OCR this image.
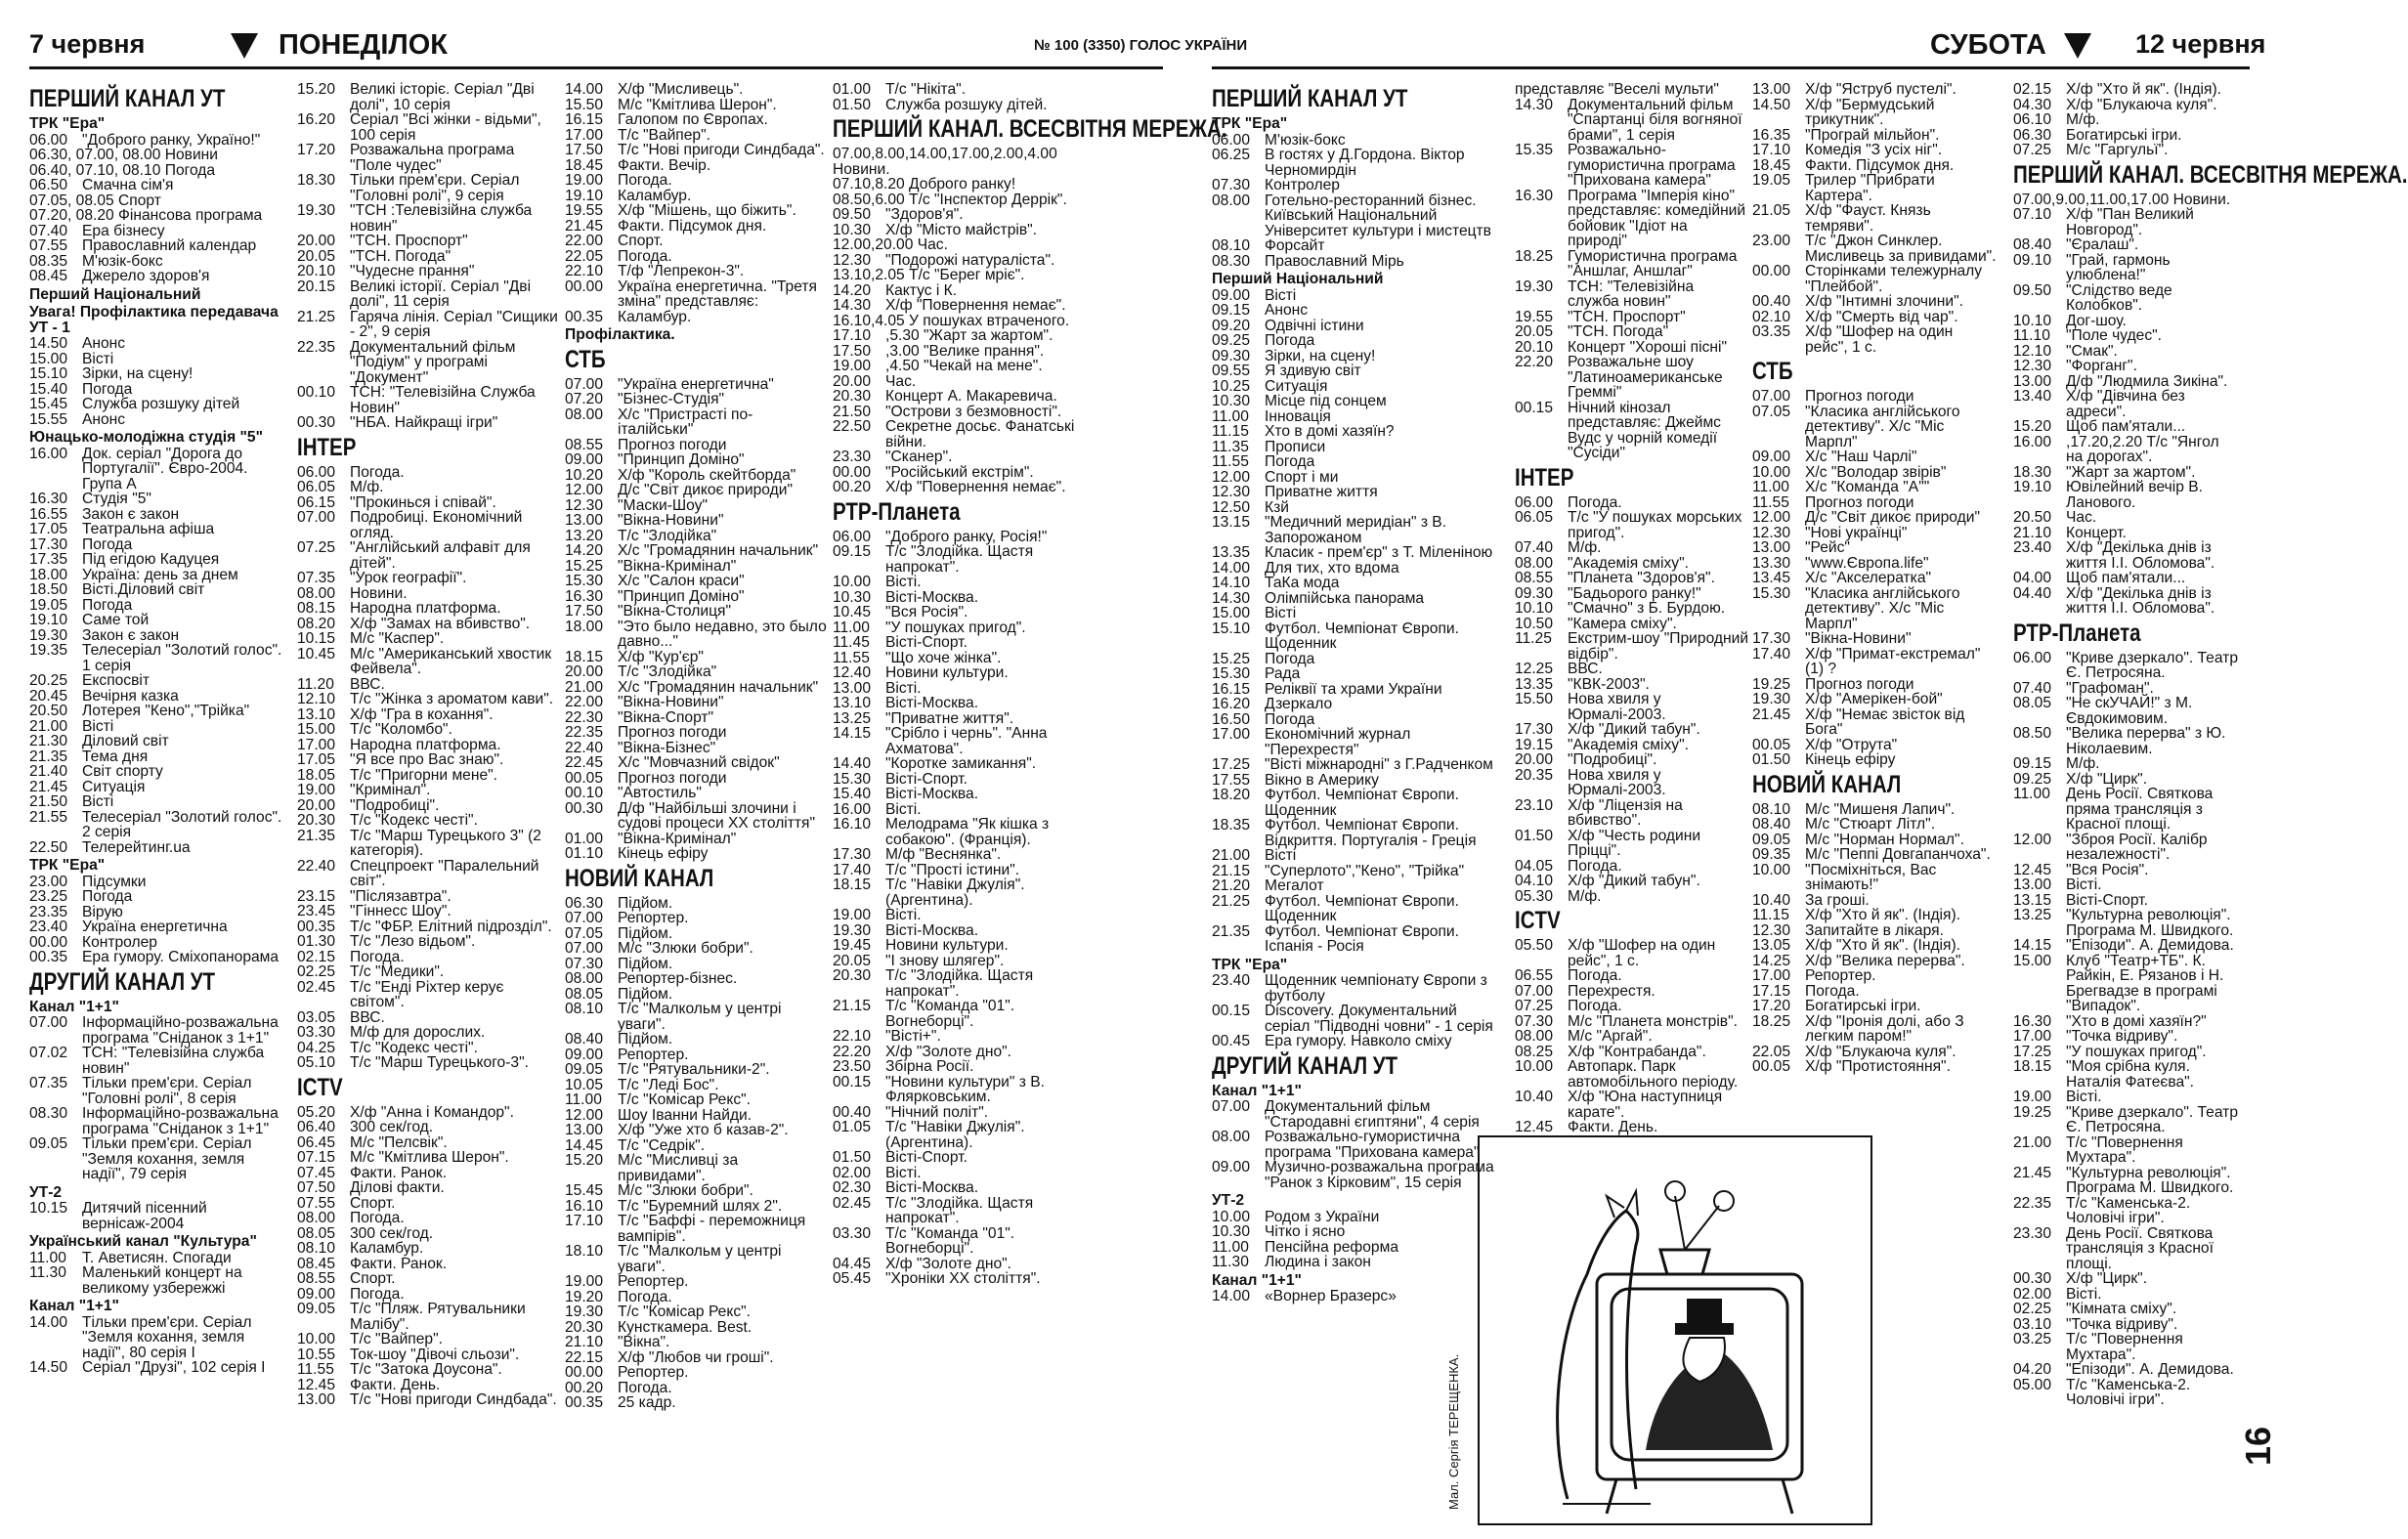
7 червня	ПОНЕДІЛОК	№ 100 (3350) ГОЛОС УКРАЇНИ	СУБОТА	12 червня
ПЕРШИЙ КАНАЛ УТ
ТРК "Ера"
06.00 "Доброго ранку, Україно!"
06.30, 07.00, 08.00 Новини
06.40, 07.10, 08.10 Погода
06.50 Смачна сім'я
07.05, 08.05 Спорт
07.20, 08.20 Фінансова програма
07.40 Ера бізнесу
07.55 Православний календар
08.35 М'юзік-бокс
08.45 Джерело здоров'я
Перший Національний
Увага! Профілактика передавача УТ - 1
14.50 Анонс
15.00 Вісті
15.10 Зірки, на сцену!
15.40 Погода
15.45 Служба розшуку дітей
15.55 Анонс
Юнацько-молодіжна студія "5"
16.00 Док. серіал "Дорога до Португалії". Євро-2004. Група А
16.30 Студія "5"
16.55 Закон є закон
17.05 Театральна афіша
17.30 Погода
17.35 Під егідою Кадуцея
18.00 Україна: день за днем
18.50 Вісті.Діловий світ
19.05 Погода
19.10 Саме той
19.30 Закон є закон
19.35 Телесеріал "Золотий голос". 1 серія
20.25 Експосвіт
20.45 Вечірня казка
20.50 Лотерея "Кено","Трійка"
21.00 Вісті
21.30 Діловий світ
21.35 Тема дня
21.40 Світ спорту
21.45 Ситуація
21.50 Вісті
21.55 Телесеріал "Золотий голос". 2 серія
22.50 Телерейтинг.ua
ТРК "Ера"
23.00 Підсумки
23.25 Погода
23.35 Вірую
23.40 Україна енергетична
00.00 Контролер
00.35 Ера гумору. Сміхопанорама
ДРУГИЙ КАНАЛ УТ
Канал "1+1"
07.00 Інформаційно-розважальна програма "Сніданок з 1+1"
07.02 ТСН: "Телевізійна служба новин"
07.35 Тільки прем'єри. Серіал "Головні ролі", 8 серія
08.30 Інформаційно-розважальна програма "Сніданок з 1+1"
09.05 Тільки прем'єри. Серіал "Земля кохання, земля надії", 79 серія
УТ-2
10.15 Дитячий пісенний вернісаж-2004
Український канал "Культура"
11.00	Т. Аветисян. Спогади
11.30	Маленький концерт на великому узбережжі
Канал "1+1"
14.00 Тільки прем'єри. Серіал "Земля кохання, земля надії", 80 серія І
14.50 Серіал "Друзі", 102 серія І
15.20 Великі історіє. Серіал "Дві долі", 10 серія
16.20 Серіал "Всі жінки - відьми", 100 серія
17.20 Розважальна програма "Поле чудес"
18.30 Тільки прем'єри. Серіал "Головні ролі", 9 серія
19.30 "ТСН :Телевізійна служба новин"
20.00 "ТСН. Проспорт"
20.05 "ТСН. Погода"
20.10 "Чудесне прання"
20.15 Великі історії. Серіал "Дві долі", 11 серія
21.25 Гаряча лінія. Серіал "Сищики - 2", 9 серія
22.35 Документальний фільм "Подіум" у програмі "Документ"
00.10 ТСН: "Телевізійна Служба Новин"
00.30 "НБА. Найкращі ігри"
ІНТЕР
06.00 Погода.
06.05 М/ф.
06.15 "Прокинься і співай".
07.00 Подробиці. Економічний огляд.
07.25 "Англійський алфавіт для дітей".
07.35 "Урок географії".
08.00 Новини.
08.15 Народна платформа.
08.20 Х/ф "Замах на вбивство".
10.15 М/с "Каспер".
10.45 М/с "Американський хвостик Фейвела".
11.20	ВВС.
12.10 Т/с "Жінка з ароматом кави".
13.10 Х/ф "Гра в кохання".
15.00 Т/с "Коломбо".
17.00 Народна платформа.
17.05 "Я все про Вас знаю".
18.05 Т/с "Пригорни мене".
19.00 "Кримінал".
20.00 "Подробиці".
20.30 Т/с "Кодекс честі".
21.35 Т/с "Марш Турецького 3" (2 категорія).
22.40 Спецпроект "Паралельний світ".
23.15 "Післязавтра".
23.45 "Гіннесс Шоу".
00.35 Т/с "ФБР. Елітний підрозділ".
01.30 Т/с "Лезо відьом".
02.15 Погода.
02.25 Т/с "Медики".
02.45 Т/с "Енді Ріхтер керує світом".
03.05 ВВС.
03.30 М/ф для дорослих.
04.25 Т/с "Кодекс честі".
05.10 Т/с "Марш Турецького-3".
ICTV
05.20 Х/ф "Анна і Командор".
06.40 300 сек/год.
06.45 М/с "Пелсвік".
07.15 М/с "Кмітлива Шерон".
07.45 Факти. Ранок.
07.50 Ділові факти.
07.55 Спорт.
08.00 Погода.
08.05 300 сек/год.
08.10 Каламбур.
08.45 Факти. Ранок.
08.55 Спорт.
09.00 Погода.
09.05 Т/с "Пляж. Рятувальники Малібу".
10.00 Т/с "Вайпер".
10.55 Ток-шоу "Дівочі сльози".
11.55	Т/с "Затока Доусона".
12.45 Факти. День.
13.00 Т/с "Нові пригоди Синдбада".
14.00 Х/ф "Мисливець".
15.50 М/с "Кмітлива Шерон".
16.15 Галопом по Європах.
17.00 Т/с "Вайпер".
17.50 Т/с "Нові пригоди Синдбада".
18.45 Факти. Вечір.
19.00 Погода.
19.10 Каламбур.
19.55 Х/ф "Мішень, що біжить".
21.45 Факти. Підсумок дня.
22.00 Спорт.
22.05 Погода.
22.10 Т/ф "Лепрекон-3".
00.00 Україна енергетична. "Третя зміна" представляє:
00.35 Каламбур.
Профілактика.
СТБ
07.00 "Україна енергетична"
07.20 "Бізнес-Студія"
08.00 Х/с "Пристрасті по-італійськи"
08.55 Прогноз погоди
09.00 "Принцип Доміно"
10.20 Х/ф "Король скейтборда"
12.00 Д/с "Світ дикоє природи"
12.30 "Маски-Шоу"
13.00 "Вікна-Новини"
13.20 Т/с "Злодійка"
14.20 Х/с "Громадянин начальник"
15.25 "Вікна-Кримінал"
15.30 Х/с "Салон краси"
16.30 "Принцип Доміно"
17.50 "Вікна-Столиця"
18.00 "Это было недавно, это было давно..."
18.15 Х/ф "Кур'єр"
20.00 Т/с "Злодійка"
21.00 Х/с "Громадянин начальник"
22.00 "Вікна-Новини"
22.30 "Вікна-Спорт"
22.35 Прогноз погоди
22.40 "Вікна-Бізнес"
22.45 Х/с "Мовчазний свідок"
00.05 Прогноз погоди
00.10 "Автостиль"
00.30 Д/ф "Найбільші злочини і судові процеси ХХ століття"
01.00 "Вікна-Кримінал"
01.10 Кінець ефіру
НОВИЙ КАНАЛ
06.30 Підйом.
07.00 Репортер.
07.05 Підйом.
07.00 М/с "Злюки бобри".
07.30 Підйом.
08.00 Репортер-бізнес.
08.05 Підйом.
08.10 Т/с "Малкольм у центрі уваги".
08.40 Підйом.
09.00 Репортер.
09.05 Т/с "Рятувальники-2".
10.05 Т/с "Леді Бос".
11.00	Т/с "Комісар Рекс".
12.00 Шоу Іванни Найди.
13.00 Х/ф "Уже хто б казав-2".
14.45 Т/с "Седрік".
15.20 М/с "Мисливці за привидами".
15.45 М/с "Злюки бобри".
16.10 Т/с "Буремний шлях 2".
17.10 Т/с "Баффі - переможниця вампірів".
18.10 Т/с "Малкольм у центрі уваги".
19.00 Репортер.
19.20 Погода.
19.30 Т/с "Комісар Рекс".
20.30 Кунсткамера. Best.
21.10 "Вікна".
22.15 Х/ф "Любов чи гроші".
00.00 Репортер.
00.20 Погода.
00.35 25 кадр.
01.00 Т/с "Нікіта".
01.50 Служба розшуку дітей.
ПЕРШИЙ КАНАЛ. ВСЕСВІТНЯ МЕРЕЖА.
07.00,8.00,14.00,17.00,2.00,4.00 Новини.
07.10,8.20 Доброго ранку!
08.50,6.00 Т/с "Інспектор Деррік".
09.50 "Здоров'я".
10.30 Х/ф "Місто майстрів".
12.00,20.00 Час.
12.30 "Подорожі натураліста".
13.10,2.05 Т/с "Берег мріє".
14.20 Кактус і К.
14.30 Х/ф "Повернення немає".
16.10,4.05 У пошуках втраченого.
17.10 ,5.30 "Жарт за жартом".
17.50 ,3.00 "Велике прання".
19.00 ,4.50 "Чекай на мене".
20.00 Час.
20.30 Концерт А. Макаревича.
21.50 "Острови з безмовності".
22.50 Секретне досьє. Фанатські війни.
23.30 "Сканер".
00.00 "Російський екстрім".
00.20 Х/ф "Повернення немає".
РТР-Планета
06.00 "Доброго ранку, Росія!"
09.15 Т/с "Злодійка. Щастя напрокат".
10.00 Вісті.
10.30 Вісті-Москва.
10.45 "Вся Росія".
11.00	"У пошуках пригод".
11.45	Вісті-Спорт.
11.55	"Що хоче жінка".
12.40 Новини культури.
13.00 Вісті.
13.10 Вісті-Москва.
13.25 "Приватне життя".
14.15 "Срібло і чернь". "Анна Ахматова".
14.40 "Коротке замикання".
15.30 Вісті-Спорт.
15.40 Вісті-Москва.
16.00 Вісті.
16.10 Мелодрама "Як кішка з собакою". (Франція).
17.30 М/ф "Веснянка".
17.40 Т/с "Прості істини".
18.15 Т/с "Навіки Джулія". (Аргентина).
19.00 Вісті.
19.30 Вісті-Москва.
19.45 Новини культури.
20.05 "І знову шлягер".
20.30 Т/с "Злодійка. Щастя напрокат".
21.15 Т/с "Команда "01". Вогнеборці".
22.10 "Вісті+".
22.20 Х/ф "Золоте дно".
23.50 Збірна Росії.
00.15 "Новини культури" з В. Флярковським.
00.40 "Нічний політ".
01.05 Т/с "Навіки Джулія". (Аргентина).
01.50 Вісті-Спорт.
02.00 Вісті.
02.30 Вісті-Москва.
02.45 Т/с "Злодійка. Щастя напрокат".
03.30 Т/с "Команда "01". Вогнеборці".
04.45 Х/ф "Золоте дно".
05.45 "Хроніки ХХ століття".
ПЕРШИЙ КАНАЛ УТ
ТРК "Ера"
06.00 М'юзік-бокс
06.25 В гостях у Д.Гордона. Віктор Черномирдін
07.30 Контролер
08.00 Готельно-ресторанний бізнес. Київський Національний Університет культури і мистецтв
08.10 Форсайт
08.30 Православний Мірь
Перший Національний
09.00 Вісті
09.15 Анонс
09.20 Одвічні істини
09.25 Погода
09.30 Зірки, на сцену!
09.55 Я здивую світ
10.25 Ситуація
10.30 Місце під сонцем
11.00	Інновація
11.15	Хто в домі хазяїн?
11.35	Прописи
11.55	Погода
12.00 Спорт і ми
12.30 Приватне життя
12.50 Кзй
13.15 "Медичний меридіан" з В. Запорожаном
13.35 Класик - прем'єр" з Т. Міленіною
14.00 Для тих, хто вдома
14.10 ТаКа мода
14.30 Олімпійська панорама
15.00 Вісті
15.10 Футбол. Чемпіонат Європи. Щоденник
15.25 Погода
15.30 Рада
16.15 Реліквії та храми України
16.20 Дзеркало
16.50 Погода
17.00 Економічний журнал "Перехрестя"
17.25 "Вісті міжнародні" з Г.Радченком
17.55 Вікно в Америку
18.20 Футбол. Чемпіонат Європи. Щоденник
18.35 Футбол. Чемпіонат Європи. Відкриття. Португалія - Греція
21.00 Вісті
21.15 "Суперлото","Кено", "Трійка"
21.20 Мегалот
21.25 Футбол. Чемпіонат Європи. Щоденник
21.35 Футбол. Чемпіонат Європи. Іспанія - Росія
ТРК "Ера"
23.40 Щоденник чемпіонату Європи з футболу
00.15 Discovery. Документальний серіал "Підводні човни" - 1 серія
00.45 Ера гумору. Навколо сміху
ДРУГИЙ КАНАЛ УТ
Канал "1+1"
07.00 Документальний фільм "Стародавні єгиптяни", 4 серія
08.00 Розважально-гумористична програма "Прихована камера"
09.00 Музично-розважальна програма "Ранок з Кірковим", 15 серія
УТ-2
10.00 Родом з України
10.30 Чітко і ясно
11.00	Пенсійна реформа
11.30	Людина і закон
Канал "1+1"
14.00 «Ворнер Бразерс»
представляє "Веселі мульти"
14.30 Документальний фільм "Спартанці біля вогняної брами", 1 серія
15.35 Розважально-гумористична програма "Прихована камера"
16.30 Програма "Імперія кіно" представляє: комедійний бойовик "Ідіот на природі"
18.25 Гумористична програма "Аншлаг, Аншлаг"
19.30 ТСН: "Телевізійна служба новин"
19.55 "ТСН. Проспорт"
20.05 "ТСН. Погода"
20.10 Концерт "Хороші пісні"
22.20 Розважальне шоу "Латиноамериканське Греммі"
00.15 Нічний кінозал представляє: Джеймс Вудс у чорній комедії "Сусіди"
ІНТЕР
06.00 Погода.
06.05 Т/с "У пошуках морських пригод".
07.40 М/ф.
08.00 "Академія сміху".
08.55 "Планета "Здоров'я".
09.30 "Бадьорого ранку!"
10.10 "Смачно" з Б. Бурдою.
10.50 "Камера сміху".
11.25	Екстрим-шоу "Природний відбір".
12.25 ВВС.
13.35 "КВК-2003".
15.50 Нова хвиля у Юрмалі-2003.
17.30 Х/ф "Дикий табун".
19.15 "Академія сміху".
20.00 "Подробиці".
20.35 Нова хвиля у Юрмалі-2003.
23.10 Х/ф "Ліцензія на вбивство".
01.50 Х/ф "Честь родини Пріцці".
04.05 Погода.
04.10 Х/ф "Дикий табун".
05.30 М/ф.
ICTV
05.50 Х/ф "Шофер на один рейс", 1 с.
06.55 Погода.
07.00 Перехрестя.
07.25 Погода.
07.30 М/с "Планета монстрів".
08.00 М/с "Аргай".
08.25 Х/ф "Контрабанда".
10.00 Автопарк. Парк автомобільного періоду.
10.40 Х/ф "Юна наступниця карате".
12.45 Факти. День.
13.00 Х/ф "Яструб пустелі".
14.50 Х/ф "Бермудський трикутник".
16.35 "Програй мільйон".
17.10 Комедія "З усіх ніг".
18.45 Факти. Підсумок дня.
19.05 Трилер "Прибрати Картера".
21.05 Х/ф "Фауст. Князь темряви".
23.00 Т/с "Джон Синклер. Мисливець за привидами".
00.00 Сторінками тележурналу "Плейбой".
00.40 Х/ф "Інтимні злочини".
02.10 Х/ф "Смерть від чар".
03.35 Х/ф "Шофер на один рейс", 1 с.
СТБ
07.00 Прогноз погоди
07.05 "Класика англійського детективу". Х/с "Міс Марпл"
09.00 Х/с "Наш Чарлі"
10.00 Х/с "Володар звірів"
11.00	Х/с "Команда "А""
11.55	Прогноз погоди
12.00 Д/с "Світ дикоє природи"
12.30 "Нові українці"
13.00 "Рейс"
13.30 "www.Європа.life"
13.45 Х/с "Акселератка"
15.30 "Класика англійського детективу". Х/с "Міс Марпл"
17.30 "Вікна-Новини"
17.40 Х/ф "Примат-екстремал" (1) ?
19.25 Прогноз погоди
19.30 Х/ф "Амерікен-бой"
21.45 Х/ф "Немає звісток від Бога"
00.05 Х/ф "Отрута"
01.50 Кінець ефіру
НОВИЙ КАНАЛ
08.10 М/с "Мишеня Лапич".
08.40 М/с "Стюарт Літл".
09.05 М/с "Норман Нормал".
09.35 М/с "Пеппі Довгапанчоха".
10.00 "Посміхніться, Вас знімають!"
10.40 За гроші.
11.15	Х/ф "Хто й як". (Індія).
12.30 Запитайте в лікаря.
13.05 Х/ф "Хто й як". (Індія).
14.25 Х/ф "Велика перерва".
17.00 Репортер.
17.15 Погода.
17.20 Богатирські ігри.
18.25 Х/ф "Іронія долі, або З легким паром!"
22.05 Х/ф "Блукаюча куля".
00.05 Х/ф "Протистояння".
02.15 Х/ф "Хто й як". (Індія).
04.30 Х/ф "Блукаюча куля".
06.10 М/ф.
06.30 Богатирські ігри.
07.25 М/с "Гаргульї".
ПЕРШИЙ КАНАЛ. ВСЕСВІТНЯ МЕРЕЖА.
07.00,9.00,11.00,17.00 Новини.
07.10 Х/ф "Пан Великий Новгород".
08.40 "Єралаш".
09.10 "Грай, гармонь улюблена!"
09.50 "Слідство веде Колобков".
10.10 Дог-шоу.
11.10	"Поле чудес".
12.10 "Смак".
12.30 "Форганг".
13.00 Д/ф "Людмила Зикіна".
13.40 Х/ф "Дівчина без адреси".
15.20 Щоб пам'ятали...
16.00 ,17.20,2.20 Т/с "Янгол на дорогах".
18.30 "Жарт за жартом".
19.10 Ювілейний вечір В. Ланового.
20.50 Час.
21.10 Концерт.
23.40 Х/ф "Декілька днів із життя І.І. Обломова".
04.00 Щоб пам'ятали...
04.40 Х/ф "Декілька днів із життя І.І. Обломова".
РТР-Планета
06.00 "Криве дзеркало". Театр Є. Петросяна.
07.40 "Графоман".
08.05 "Не скУЧАЙ!" з М. Євдокимовим.
08.50 "Велика перерва" з Ю. Ніколаевим.
09.15 М/ф.
09.25 Х/ф "Цирк".
11.00	День Росії. Святкова пряма трансляція з Красної площі.
12.00 "Зброя Росії. Калібр незалежності".
12.45 "Вся Росія".
13.00 Вісті.
13.15 Вісті-Спорт.
13.25 "Культурна революція". Програма М. Швидкого.
14.15 "Епізоди". А. Демидова.
15.00 Клуб "Театр+ТБ". К. Райкін, Е. Рязанов і Н. Брегвадзе в програмі "Випадок".
16.30 "Хто в домі хазяїн?"
17.00 "Точка відриву".
17.25 "У пошуках пригод".
18.15 "Моя срібна куля. Наталія Фатеєва".
19.00 Вісті.
19.25 "Криве дзеркало". Театр Є. Петросяна.
21.00 Т/с "Повернення Мухтара".
21.45 "Культурна революція". Програма М. Швидкого.
22.35 Т/с "Каменська-2. Чоловічі ігри".
23.30 День Росії. Святкова трансляція з Красної площі.
00.30 Х/ф "Цирк".
02.00 Вісті.
02.25 "Кімната сміху".
03.10 "Точка відриву".
03.25 Т/с "Повернення Мухтара".
04.20 "Епізоди". А. Демидова.
05.00 Т/с "Каменська-2. Чоловічі ігри".
Мал. Сергія ТЕРЕЩЕНКА.	16
